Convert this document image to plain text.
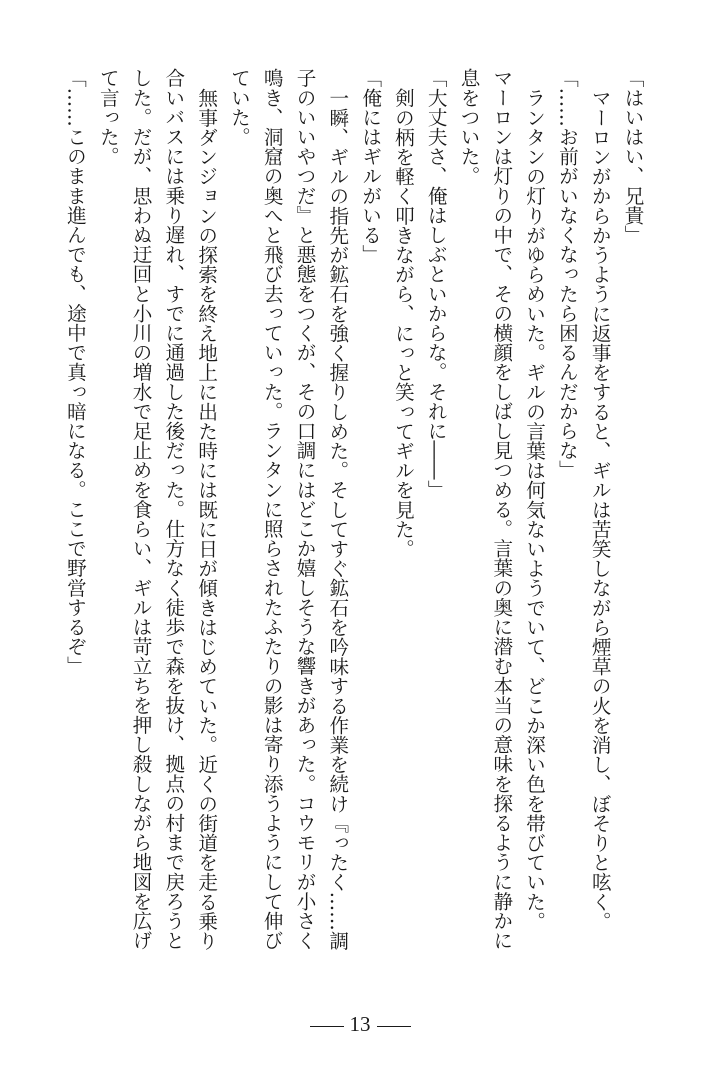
「はいはい、兄貴」
マーロンがからかうように返事をすると、ギルは苦笑しながら煙草の火を消し、ぼそりと呟く。
「……お前がいなくなったら困るんだからな」
ランタンの灯りがゆらめいた。ギルの言葉は何気ないようでいて、どこか深い色を帯びていた。
マーロンは灯りの中で、その横顔をしばし見つめる。言葉の奥に潜む本当の意味を探るように静かに
息をついた。
「大丈夫さ、俺はしぶといからな。それに――」
剣の柄を軽く叩きながら、にっと笑ってギルを見た。
「俺にはギルがいる」
一瞬、ギルの指先が鉱石を強く握りしめた。そしてすぐ鉱石を吟味する作業を続け『ったく……調
子のいいやつだ』と悪態をつくが、その口調にはどこか嬉しそうな響きがあった。コウモリが小さく
鳴き、洞窟の奥へと飛び去っていった。ランタンに照らされたふたりの影は寄り添うようにして伸び
ていた。
無事ダンジョンの探索を終え地上に出た時には既に日が傾きはじめていた。近くの街道を走る乗り
合いバスには乗り遅れ、すでに通過した後だった。仕方なく徒歩で森を抜け、拠点の村まで戻ろうと
した。だが、思わぬ迂回と小川の増水で足止めを食らい、ギルは苛立ちを押し殺しながら地図を広げ
て言った。
「……このまま進んでも、途中で真っ暗になる。ここで野営するぞ」
13
